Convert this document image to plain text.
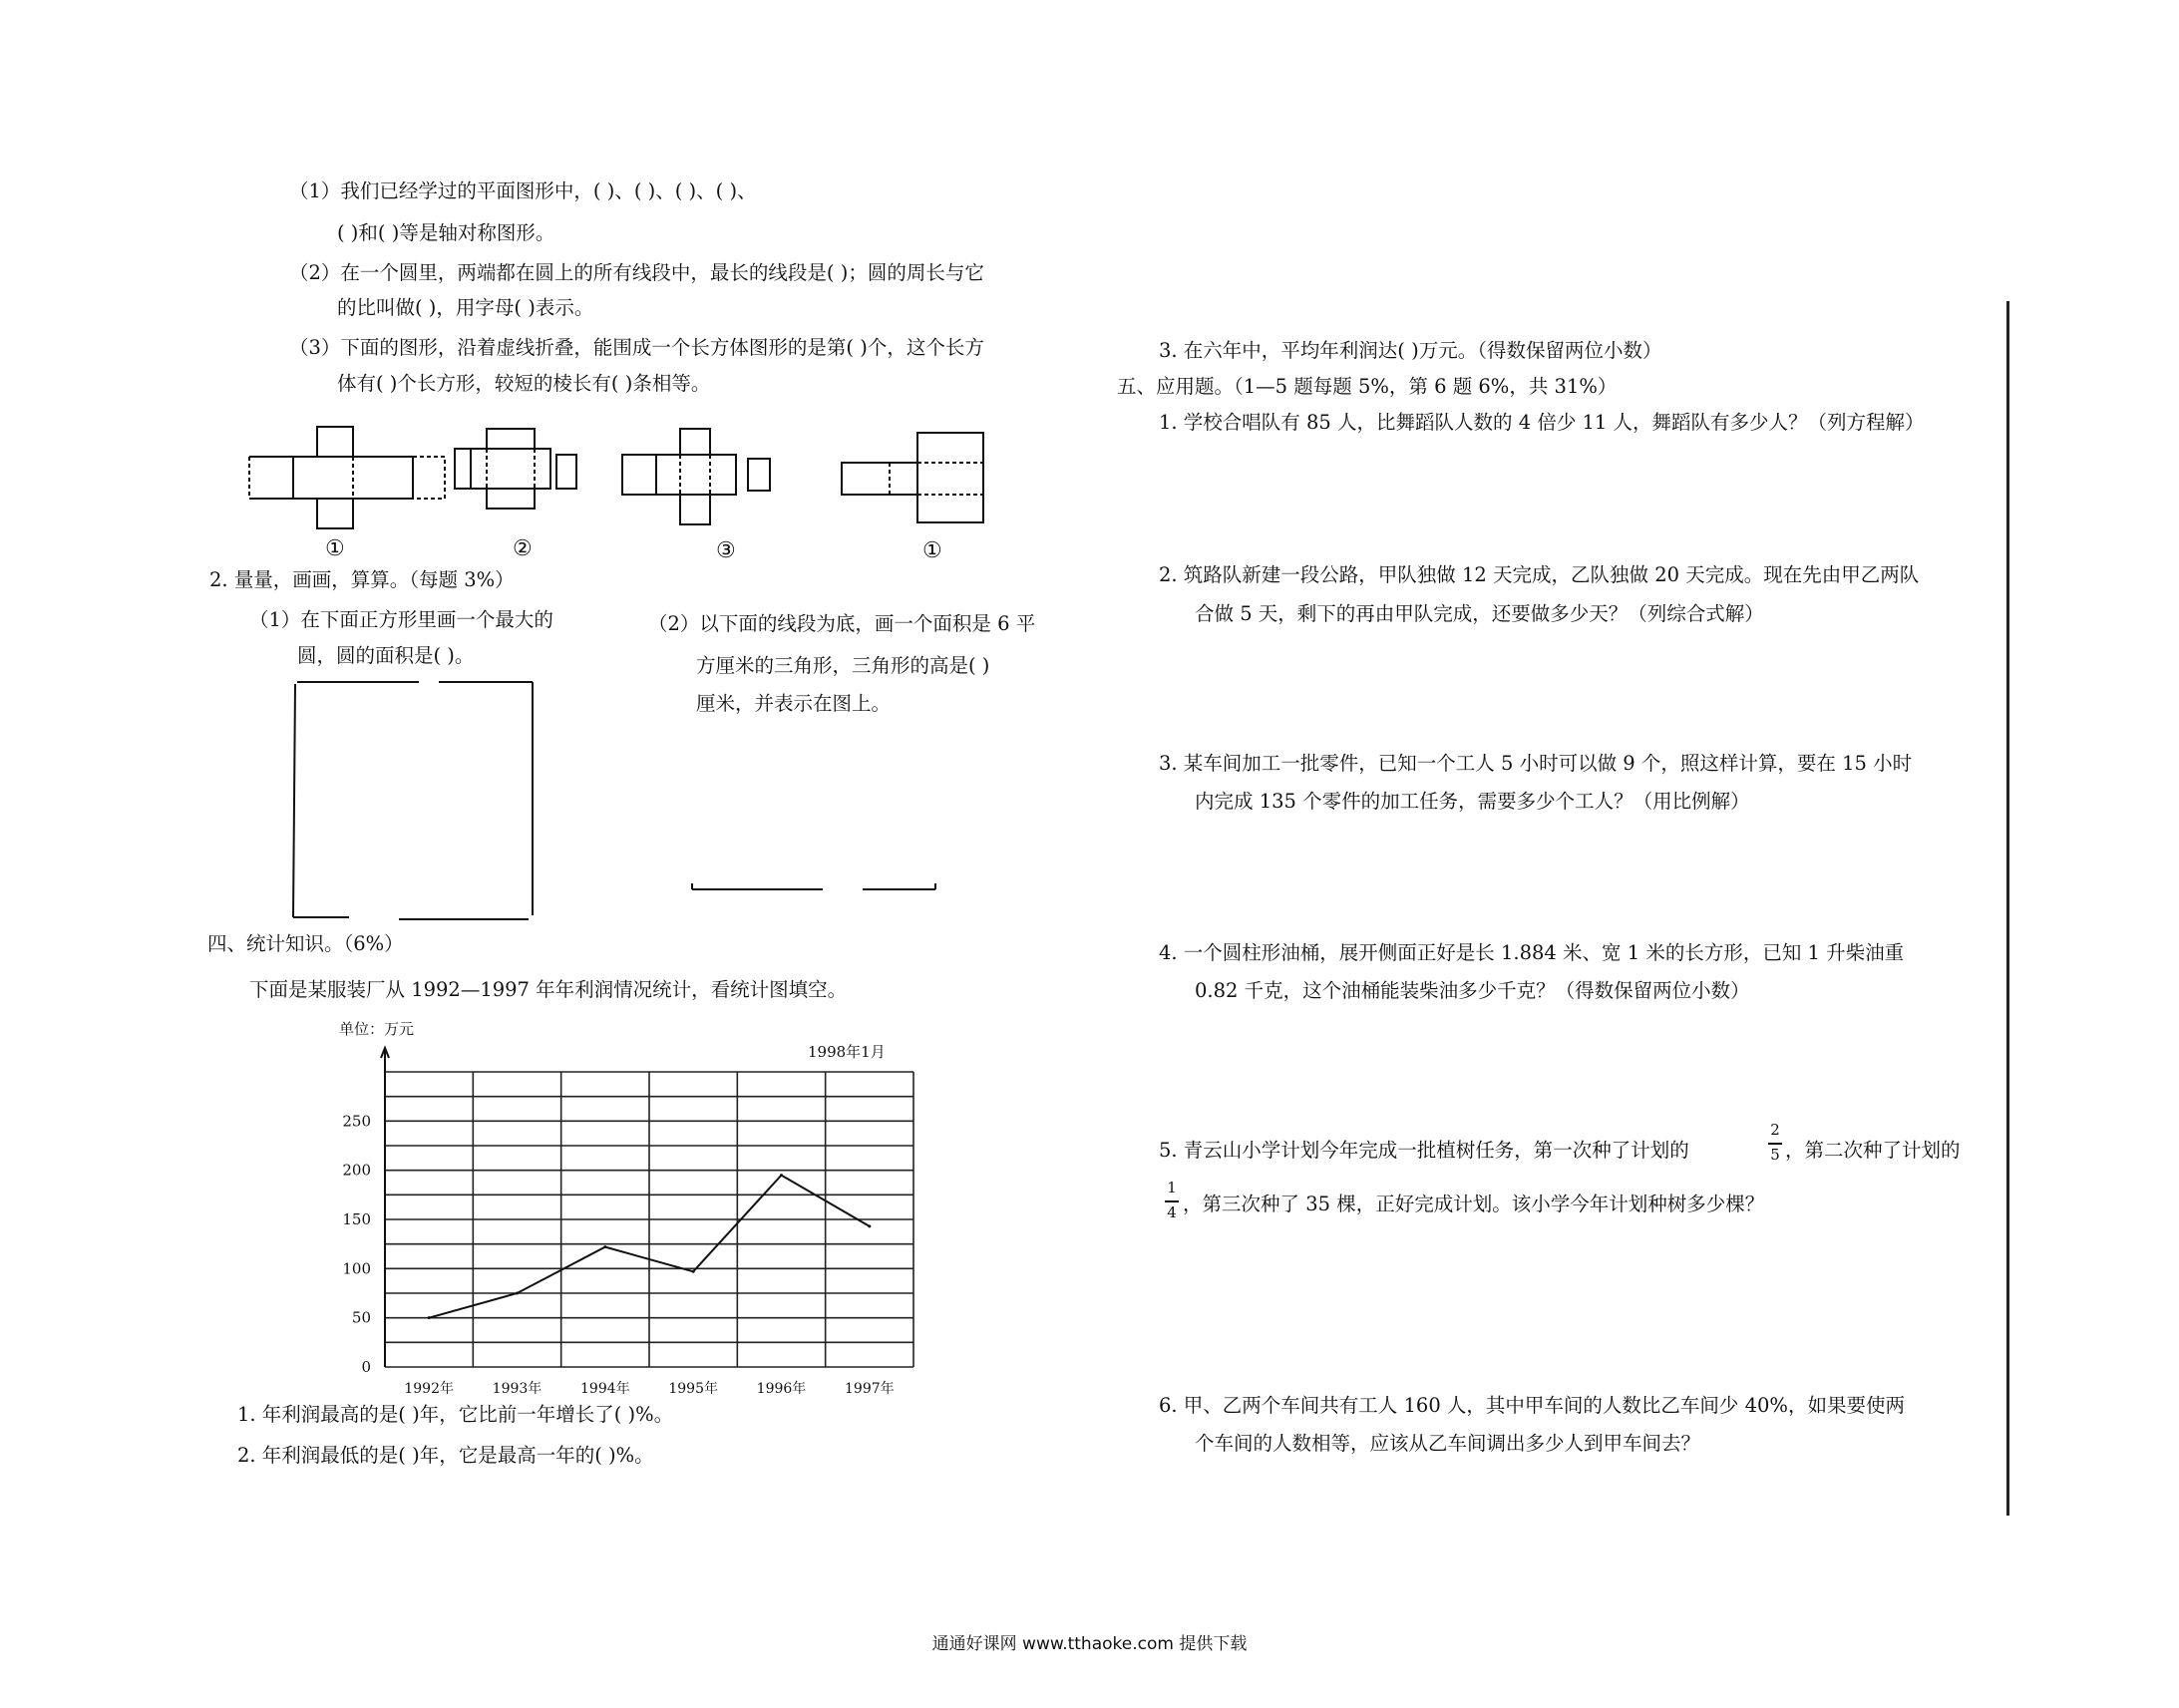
（1）我们已经学过的平面图形中，( )、( )、( )、( )、
( )和( )等是轴对称图形。
（2）在一个圆里，两端都在圆上的所有线段中，最长的线段是( )；圆的周长与它
的比叫做( )，用字母( )表示。
（3）下面的图形，沿着虚线折叠，能围成一个长方体图形的是第( )个，这个长方
体有( )个长方形，较短的棱长有( )条相等。
①	②	③	①
2. 量量，画画，算算。（每题 3%）
（1）在下面正方形里画一个最大的
圆，圆的面积是( )。
（2）以下面的线段为底，画一个面积是 6 平
方厘米的三角形，三角形的高是( )
厘米，并表示在图上。
四、统计知识。（6%）
下面是某服装厂从 1992—1997 年年利润情况统计，看统计图填空。
单位：万元
1998年1月
250
200
150
100
50
0
1992年	1993年	1994年	1995年	1996年	1997年
1. 年利润最高的是( )年，它比前一年增长了( )%。
2. 年利润最低的是( )年，它是最高一年的( )%。
3. 在六年中，平均年利润达( )万元。（得数保留两位小数）
五、应用题。（1—5 题每题 5%，第 6 题 6%，共 31%）
1. 学校合唱队有 85 人，比舞蹈队人数的 4 倍少 11 人，舞蹈队有多少人？（列方程解）
2. 筑路队新建一段公路，甲队独做 12 天完成，乙队独做 20 天完成。现在先由甲乙两队
合做 5 天，剩下的再由甲队完成，还要做多少天？（列综合式解）
3. 某车间加工一批零件，已知一个工人 5 小时可以做 9 个，照这样计算，要在 15 小时
内完成 135 个零件的加工任务，需要多少个工人？（用比例解）
4. 一个圆柱形油桶，展开侧面正好是长 1.884 米、宽 1 米的长方形，已知 1 升柴油重
0.82 千克，这个油桶能装柴油多少千克？（得数保留两位小数）
5. 青云山小学计划今年完成一批植树任务，第一次种了计划的
2
5 ，第二次种了计划的
1
4 ，第三次种了 35 棵，正好完成计划。该小学今年计划种树多少棵？
6. 甲、乙两个车间共有工人 160 人，其中甲车间的人数比乙车间少 40%，如果要使两
个车间的人数相等，应该从乙车间调出多少人到甲车间去？
通通好课网 www.tthaoke.com 提供下载
